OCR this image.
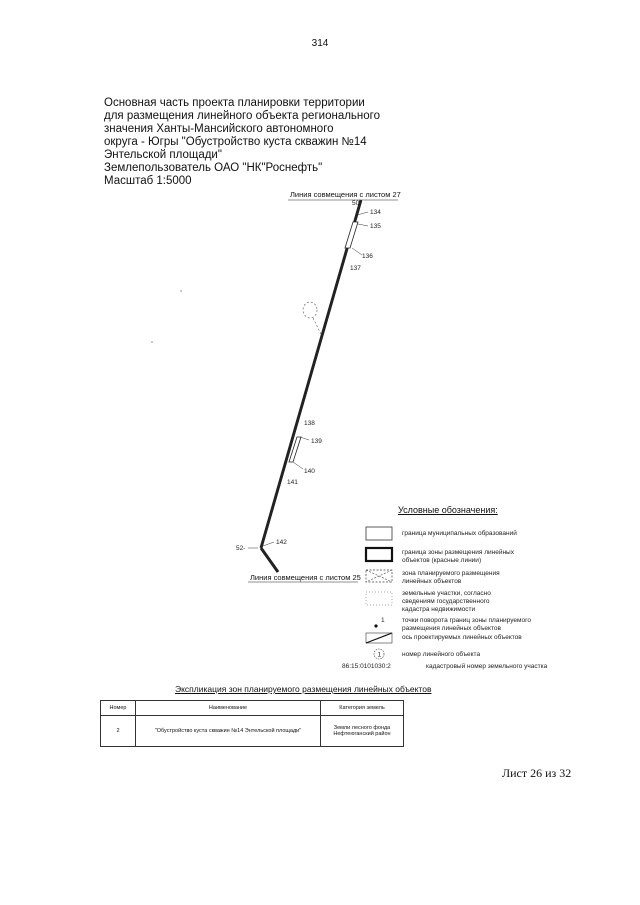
314
Основная часть проекта планировки территории
для размещения линейного объекта регионального
значения Ханты-Мансийского автономного
округа - Югры "Обустройство куста скважин №14
Энтельской площади"
Землепользователь ОАО "НК"Роснефть"
Масштаб 1:5000
Линия совмещения с листом 27
50
134
135
136
137
138
139
140
141
142
52-
Линия совмещения с листом 25
1
1
86:15:0101030:2
Условные обозначения:
граница муниципальных образований
граница зоны размещения линейных объектов (красные линии)
зона планируемого размещения линейных объектов
земельные участки, согласно сведениям государственного кадастра недвижимости
точки поворота границ зоны планируемого размещения линейных объектов
ось проектируемых линейных объектов
номер линейного объекта
кадастровый номер земельного участка
Экспликация зон планируемого размещения линейных объектов
Номер	Наименование	Категория земель
2	"Обустройство куста скважин №14 Энтельской площади"	Земли лесного фонда Нефтеюганский район
Лист 26 из 32
